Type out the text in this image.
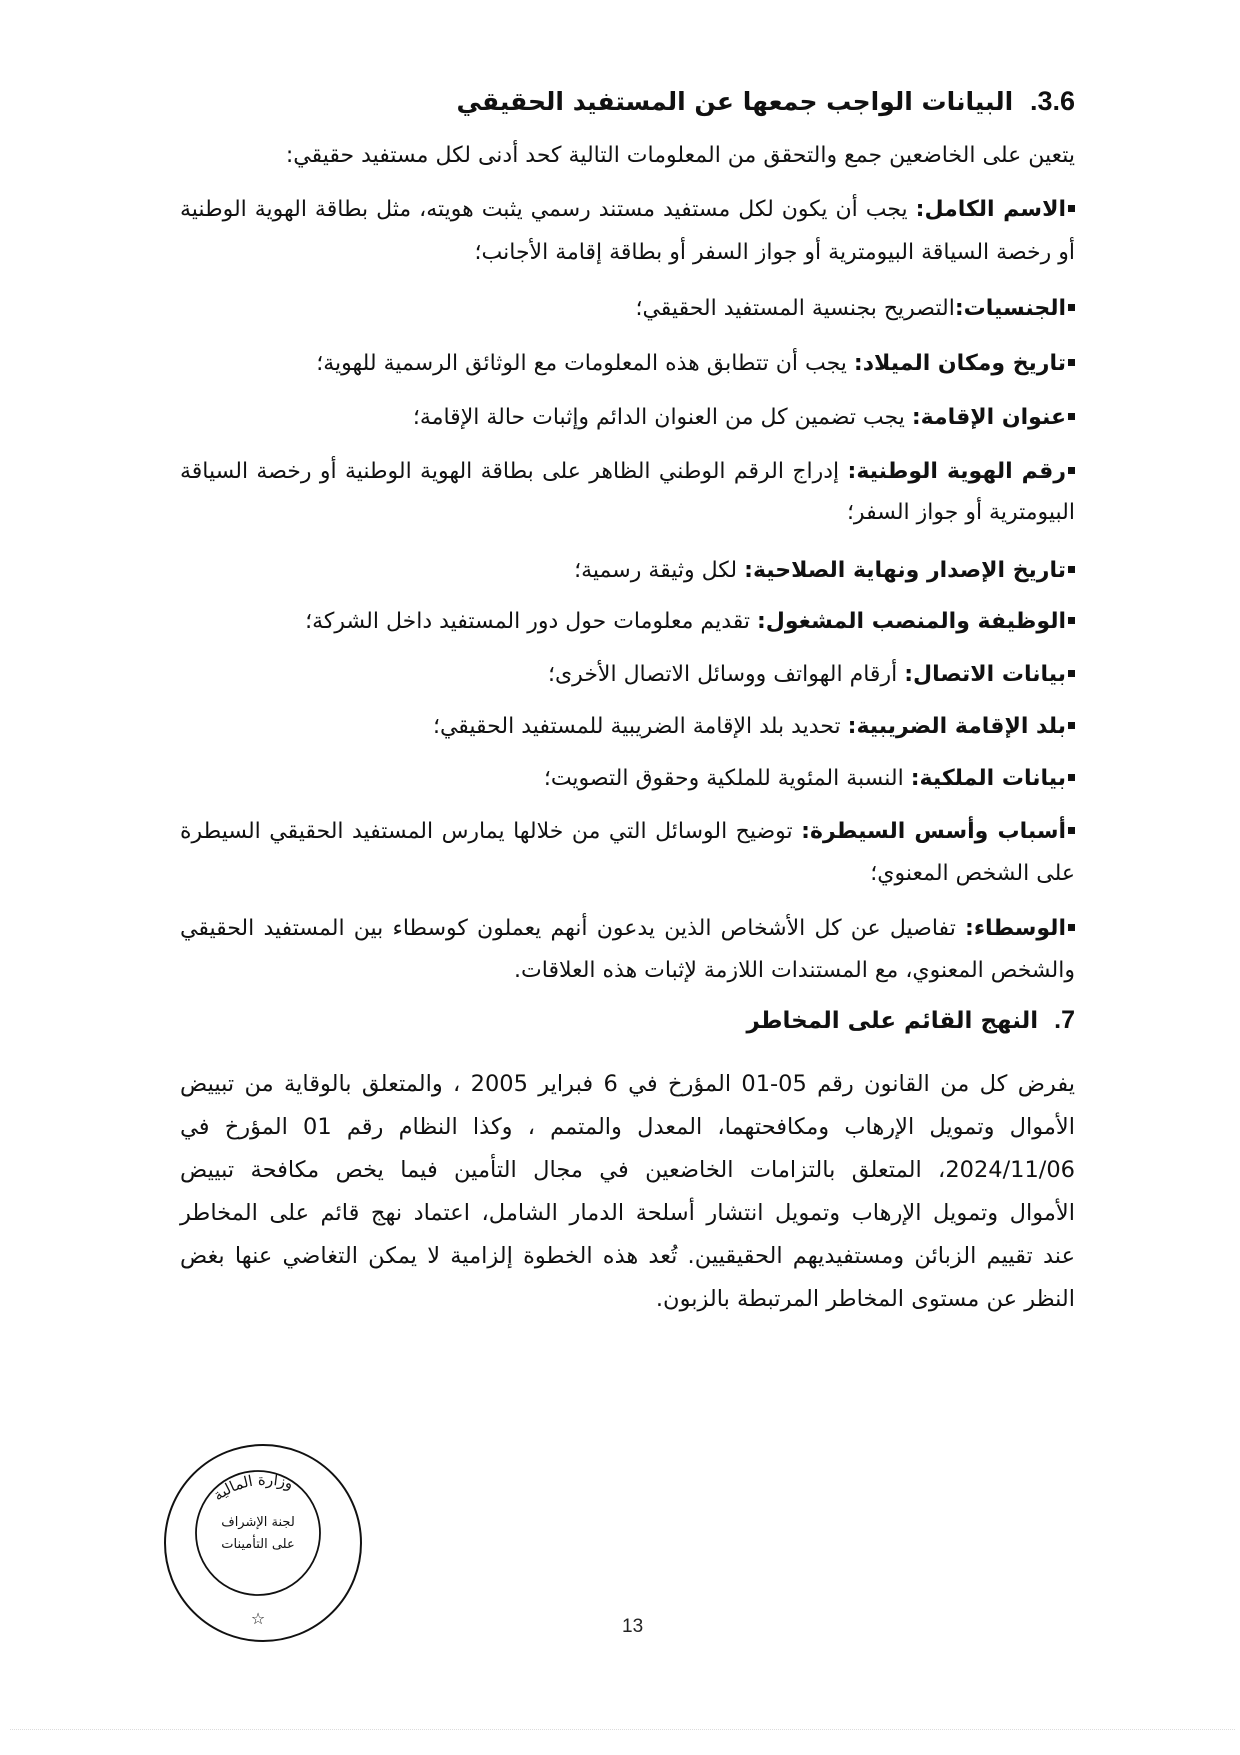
3.6. البيانات الواجب جمعها عن المستفيد الحقيقي
يتعين على الخاضعين جمع والتحقق من المعلومات التالية كحد أدنى لكل مستفيد حقيقي:
الاسم الكامل: يجب أن يكون لكل مستفيد مستند رسمي يثبت هويته، مثل بطاقة الهوية الوطنية
أو رخصة السياقة البيومترية أو جواز السفر أو بطاقة إقامة الأجانب؛
الجنسيات:التصريح بجنسية المستفيد الحقيقي؛
تاريخ ومكان الميلاد: يجب أن تتطابق هذه المعلومات مع الوثائق الرسمية للهوية؛
عنوان الإقامة: يجب تضمين كل من العنوان الدائم وإثبات حالة الإقامة؛
رقم الهوية الوطنية: إدراج الرقم الوطني الظاهر على بطاقة الهوية الوطنية أو رخصة السياقة
البيومترية أو جواز السفر؛
تاريخ الإصدار ونهاية الصلاحية: لكل وثيقة رسمية؛
الوظيفة والمنصب المشغول: تقديم معلومات حول دور المستفيد داخل الشركة؛
بيانات الاتصال: أرقام الهواتف ووسائل الاتصال الأخرى؛
بلد الإقامة الضريبية: تحديد بلد الإقامة الضريبية للمستفيد الحقيقي؛
بيانات الملكية: النسبة المئوية للملكية وحقوق التصويت؛
أسباب وأسس السيطرة: توضيح الوسائل التي من خلالها يمارس المستفيد الحقيقي السيطرة
على الشخص المعنوي؛
الوسطاء: تفاصيل عن كل الأشخاص الذين يدعون أنهم يعملون كوسطاء بين المستفيد الحقيقي
والشخص المعنوي، مع المستندات اللازمة لإثبات هذه العلاقات.
7. النهج القائم على المخاطر
يفرض كل من القانون رقم 05-01 المؤرخ في 6 فبراير 2005 ، والمتعلق بالوقاية من تبييض
الأموال وتمويل الإرهاب ومكافحتهما، المعدل والمتمم ، وكذا النظام رقم 01 المؤرخ في
2024/11/06، المتعلق بالتزامات الخاضعين في مجال التأمين فيما يخص مكافحة تبييض
الأموال وتمويل الإرهاب وتمويل انتشار أسلحة الدمار الشامل، اعتماد نهج قائم على المخاطر
عند تقييم الزبائن ومستفيديهم الحقيقيين. تُعد هذه الخطوة إلزامية لا يمكن التغاضي عنها بغض
النظر عن مستوى المخاطر المرتبطة بالزبون.
وزارة المالية
لجنة الإشراف
على التأمينات
☆	13
